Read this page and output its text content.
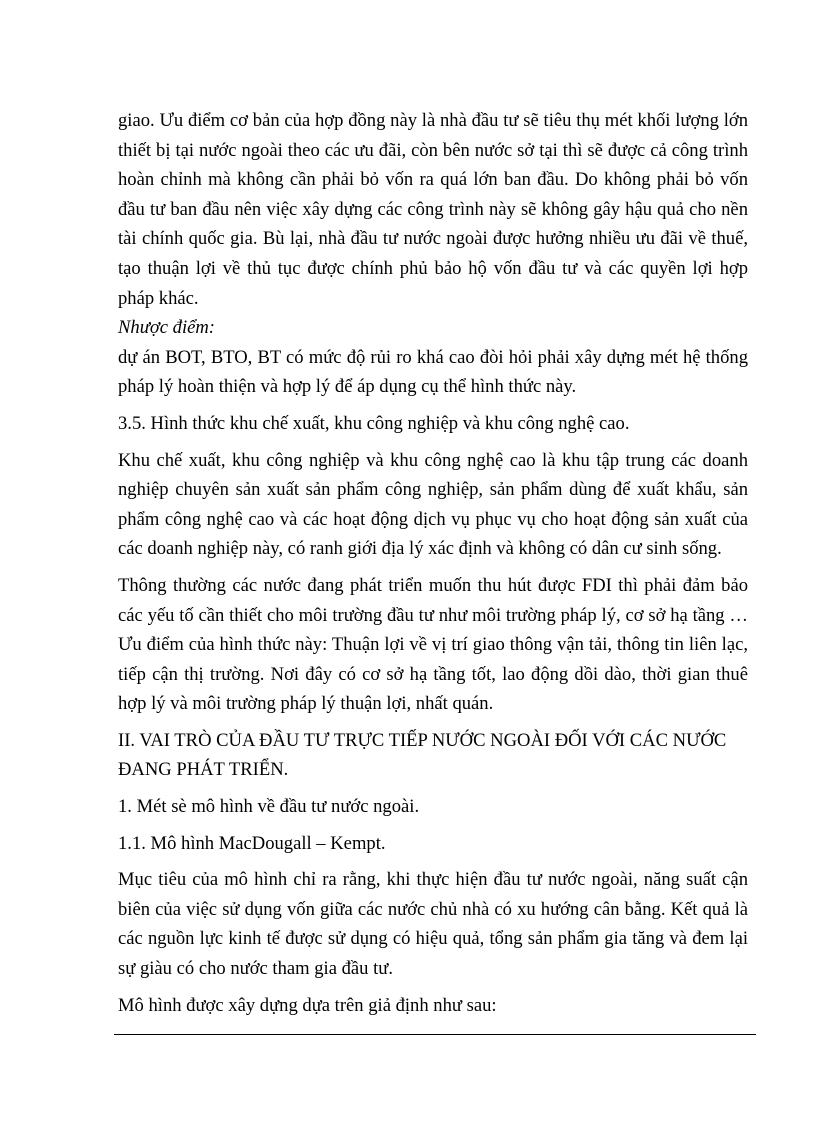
giao. Ưu điểm cơ bản của hợp đồng này là nhà đầu tư sẽ tiêu thụ mét khối lượng lớn thiết bị tại nước ngoài theo các ưu đãi, còn bên nước sở tại thì sẽ được cả công trình hoàn chỉnh mà không cần phải bỏ vốn ra quá lớn ban đầu. Do không phải bỏ vốn đầu tư ban đầu nên việc xây dựng các công trình này sẽ không gây hậu quả cho nền tài chính quốc gia. Bù lại, nhà đầu tư nước ngoài được hưởng nhiều ưu đãi về thuế, tạo thuận lợi về thủ tục được chính phủ bảo hộ vốn đầu tư và các quyền lợi hợp pháp khác.

Nhược điểm:

dự án BOT, BTO, BT có mức độ rủi ro khá cao đòi hỏi phải xây dựng mét hệ thống pháp lý hoàn thiện và hợp lý để áp dụng cụ thể hình thức này.

3.5. Hình thức khu chế xuất, khu công nghiệp và khu công nghệ cao.

Khu chế xuất, khu công nghiệp và khu công nghệ cao là khu tập trung các doanh nghiệp chuyên sản xuất sản phẩm công nghiệp, sản phẩm dùng để xuất khẩu, sản phẩm công nghệ cao và các hoạt động dịch vụ phục vụ cho hoạt động sản xuất của các doanh nghiệp này, có ranh giới địa lý xác định và không có dân cư sinh sống.

Thông thường các nước đang phát triển muốn thu hút được FDI thì phải đảm bảo các yếu tố cần thiết cho môi trường đầu tư như môi trường pháp lý, cơ sở hạ tầng … Ưu điểm của hình thức này: Thuận lợi về vị trí giao thông vận tải, thông tin liên lạc, tiếp cận thị trường. Nơi đây có cơ sở hạ tầng tốt, lao động dồi dào, thời gian thuê hợp lý và môi trường pháp lý thuận lợi, nhất quán.

II. VAI TRÒ CỦA ĐẦU TƯ TRỰC TIẾP NƯỚC NGOÀI ĐỐI VỚI CÁC NƯỚC ĐANG PHÁT TRIỂN.

1. Mét sè mô hình về đầu tư nước ngoài.

1.1. Mô hình MacDougall – Kempt.

Mục tiêu của mô hình chỉ ra rằng, khi thực hiện đầu tư nước ngoài, năng suất cận biên của việc sử dụng vốn giữa các nước chủ nhà có xu hướng cân bằng. Kết quả là các nguồn lực kinh tế được sử dụng có hiệu quả, tổng sản phẩm gia tăng và đem lại sự giàu có cho nước tham gia đầu tư.

Mô hình được xây dựng dựa trên giả định như sau:
